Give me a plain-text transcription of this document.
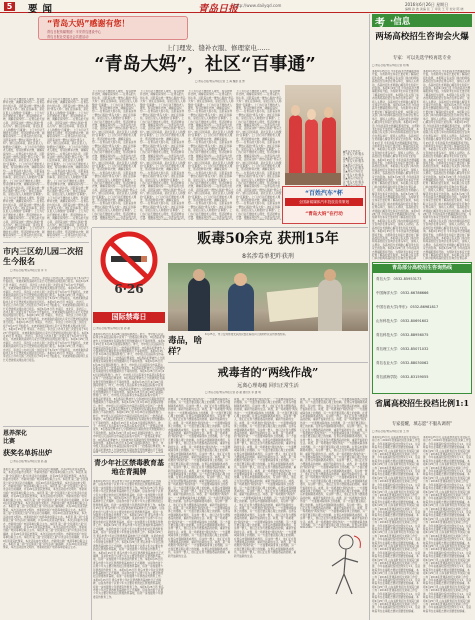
5 要闻	青岛日报
http://www.dailyqd.com	2016年6月26日 星期日
编辑 孙 波 美编 张 丁 审读 王 芳 校对 陈 晓
“青岛大妈”感谢有您！
青岛日报传媒集团 · 平安青岛建设中心
青岛日报社党委社会共建活动
上门为行动不便的老人理发，帮邻居修补衣物，调解家庭纠纷……在青岛的大街小巷，活跃着这样一群热心肠的“青岛大妈”。她们走街串巷，是社区里人人称赞的“百事通”。上门为行动不便的老人理发，帮邻居修补衣物，调解家庭纠纷……在青岛的大街小巷，活跃着这样一群热心肠的“青岛大妈”。她们走街串巷，是社区里人人称赞的“百事通”。上门为行动不便的老人理发，帮邻居修补衣物，调解家庭纠纷……在青岛的大街小巷，活跃着这样一群热心肠的“青岛大妈”。她们走街串巷，是社区里人人称赞的“百事通”。上门为行动不便的老人理发，帮邻居修补衣物，调解家庭纠纷……在青岛的大街小巷，活跃着这样一群热心肠的“青岛大妈”。她们走街串巷，是社区里人人称赞的“百事通”。上门为行动不便的老人理发，帮邻居修补衣物，调解家庭纠纷……在青岛的大街小巷，活跃着这样一群热心肠的“青岛大妈”。她们走街串巷，是社区里人人称赞的“百事通”。上门为行动不便的老人理发，帮邻居修补衣物，调解家庭纠纷……在青岛的大街小巷，活跃着这样一群热心肠的“青岛大妈”。她们走街串巷，是社区里人人称赞的“百事通”。上门为行动不便的老人理发，帮邻居修补衣物，调解家庭纠纷……在青岛的大街小巷，活跃着这样一群热心肠的“青岛大妈”。她们走街串巷，是社区里人人称赞的“百事通”。上门为行动不便的老人理发，帮邻居修补衣物，调解家庭纠纷……在青岛的大街小巷，活跃着这样一群热心肠的“青岛大妈”。她们走街串巷，是社区里人人称赞的“百事通”。上门为行动不便的老人理发，帮邻居修补衣物，调解家庭纠纷……在青岛的大街小巷，
上门为行动不便的老人理发，帮邻居修补衣物，调解家庭纠纷……在青岛的大街小巷，活跃着这样一群热心肠的“青岛大妈”。她们走街串巷，是社区里人人称赞的“百事通”。上门为行动不便的老人理发，帮邻居修补衣物，调解家庭纠纷……在青岛的大街小巷，活跃着这样一群热心肠的“青岛大妈”。她们走街串巷，是社区里人人称赞的“百事通”。上门为行动不便的老人理发，帮邻居修补衣物，调解家庭纠纷……在青岛的大街小巷，活跃着这样一群热心肠的“青岛大妈”。她们走街串巷，是社区里人人称赞的“百事通”。上门为行动不便的老人理发，帮邻居修补衣物，调解家庭纠纷……在青岛的大街小巷，活跃着这样一群热心肠的“青岛大妈”。她们走街串巷，是社区里人人称赞的“百事通”。上门为行动不便的老人理发，帮邻居修补衣物，调解家庭纠纷……在青岛的大街小巷，活跃着这样一群热心肠的“青岛大妈”。她们走街串巷，是社区里人人称赞的“百事通”。上门为行动不便的老人理发，帮邻居修补衣物，调解家庭纠纷……在青岛的大街小巷，活跃着这样一群热心肠的“青岛大妈”。她们走街串巷，是社区里人人称赞的“百事通”。上门为行动不便的老人理发，帮邻居修补衣物，调解家庭纠纷……在青岛的大街小巷，活跃着这样一群热心肠的“青岛大妈”。她们走街串巷，是社区里人人称赞的“百事通”。上门为行动不便的老人理发，帮邻居修补衣物，调解家庭纠纷……在青岛的大街小巷，活跃着这样一群热心肠的“青岛大妈”。她们走街串巷，是社区里人人称赞的“百事通”。上门为行动不便的老人理发，帮邻居修补衣物，调解家庭纠纷……在青岛的大街小巷，
市内三区幼儿园二次招生今报名
□ 青岛日报/青岛早报记者 李 芳
本报6月25日讯 市南区、市北区、李沧区公办幼儿园二次招生将于6月27日开始报名，未被录取的适龄幼儿家长可登录相关网站进行报名。本报6月25日讯 市南区、市北区、李沧区公办幼儿园二次招生将于6月27日开始报名，未被录取的适龄幼儿家长可登录相关网站进行报名。本报6月25日讯 市南区、市北区、李沧区公办幼儿园二次招生将于6月27日开始报名，未被录取的适龄幼儿家长可登录相关网站进行报名。本报6月25日讯 市南区、市北区、李沧区公办幼儿园二次招生将于6月27日开始报名，未被录取的适龄幼儿家长可登录相关网站进行报名。本报6月25日讯 市南区、市北区、李沧区公办幼儿园二次招生将于6月27日开始报名，未被录取的适龄幼儿家长可登录相关网站进行报名。本报6月25日讯 市南区、市北区、李沧区公办幼儿园二次招生将于6月27日开始报名，未被录取的适龄幼儿家长可登录相关网站进行报名。本报6月25日讯 市南区、市北区、李沧区公办幼儿园二次招生将于6月27日开始报名，未被录取的适龄幼儿家长可登录相关网站进行报名。本报6月25日讯 市南区、市北区、李沧区公办幼儿园二次招生将于6月27日开始报名，未被录取的适龄幼儿家长可登录相关网站进行报名。本报6月25日讯 市南区、市北区、李沧区公办幼儿园二次招生将于6月27日开始报名，未被录取的适龄幼儿家长可登录相关网站进行报名。本报6月25日讯 市南区、市北区、李沧区公办幼儿园二次招生将于6月27日开始报名，未被录取的适龄幼儿家长可登录相关网站进行报名。本报6月25日讯 市南区、市北区、李沧区公办幼儿园二次招生将于6月27日开始报名，未被录取的适龄幼儿家长可登录相关网站进行报名。本报6月25日讯 市南区、市北区、李沧区公办幼儿园二次招生将于6月27日开始报名，未被录取的适龄幼儿家长可登录相关网站进行报名。本报6月25日讯 市南区、市北区、李沧区公办幼儿园二次招生将于6月27日开始报名，未被录取的适龄幼儿家长可登录相关网站进行报名。
恩养深化
比赛
获奖名单拆出炉
□ 青岛日报/青岛早报记者 赵 磊
本报讯 第二届“全民阅读之星”评选活动日前揭晓，共有20名读者获此殊荣，本次活动由市文明办、市新闻出版广电局等单位联合主办。本报讯 第二届“全民阅读之星”评选活动日前揭晓，共有20名读者获此殊荣，本次活动由市文明办、市新闻出版广电局等单位联合主办。本报讯 第二届“全民阅读之星”评选活动日前揭晓，共有20名读者获此殊荣，本次活动由市文明办、市新闻出版广电局等单位联合主办。本报讯 第二届“全民阅读之星”评选活动日前揭晓，共有20名读者获此殊荣，本次活动由市文明办、市新闻出版广电局等单位联合主办。本报讯 第二届“全民阅读之星”评选活动日前揭晓，共有20名读者获此殊荣，本次活动由市文明办、市新闻出版广电局等单位联合主办。本报讯 第二届“全民阅读之星”评选活动日前揭晓，共有20名读者获此殊荣，本次活动由市文明办、市新闻出版广电局等单位联合主办。本报讯 第二届“全民阅读之星”评选活动日前揭晓，共有20名读者获此殊荣，本次活动由市文明办、市新闻出版广电局等单位联合主办。本报讯 第二届“全民阅读之星”评选活动日前揭晓，共有20名读者获此殊荣，本次活动由市文明办、市新闻出版广电局等单位联合主办。本报讯 第二届“全民阅读之星”评选活动日前揭晓，共有20名读者获此殊荣，本次活动由市文明办、市新闻出版广电局等单位联合主办。本报讯 第二届“全民阅读之星”评选活动日前揭晓，共有20名读者获此殊荣，本次活动由市文明办、市新闻出版广电局等单位联合主办。本报讯 第二届“全民阅读之星”评选活动日前揭晓，共有20名读者获此殊荣，本次活动由市文明办、市新闻出版广电局等单位联合主办。本报讯 第二届“全民阅读之星”评选活动日前揭晓，共有20名读者获此殊荣，本次活动由市文明办、市新闻出版广电局等单位联合主办。本报讯 第二届“全民阅读之星”评选活动日前揭晓，共有20名读者获此殊荣，本次活动由市文明办、市新闻出版广电局等单位联合主办。
上门理发、缝补衣服、修理家电……
“青岛大妈”，社区“百事通”
□ 青岛日报/青岛早报记者 王 海 摄影 张 勇
上门为行动不便的老人理发，帮邻居修补衣物，调解家庭纠纷……在青岛的大街小巷，活跃着这样一群热心肠的“青岛大妈”。她们走街串巷，是社区里人人称赞的“百事通”。上门为行动不便的老人理发，帮邻居修补衣物，调解家庭纠纷……在青岛的大街小巷，活跃着这样一群热心肠的“青岛大妈”。她们走街串巷，是社区里人人称赞的“百事通”。上门为行动不便的老人理发，帮邻居修补衣物，调解家庭纠纷……在青岛的大街小巷，活跃着这样一群热心肠的“青岛大妈”。她们走街串巷，是社区里人人称赞的“百事通”。上门为行动不便的老人理发，帮邻居修补衣物，调解家庭纠纷……在青岛的大街小巷，活跃着这样一群热心肠的“青岛大妈”。她们走街串巷，是社区里人人称赞的“百事通”。上门为行动不便的老人理发，帮邻居修补衣物，调解家庭纠纷……在青岛的大街小巷，活跃着这样一群热心肠的“青岛大妈”。她们走街串巷，是社区里人人称赞的“百事通”。上门为行动不便的老人理发，帮邻居修补衣物，调解家庭纠纷……在青岛的大街小巷，活跃着这样一群热心肠的“青岛大妈”。她们走街串巷，是社区里人人称赞的“百事通”。上门为行动不便的老人理发，帮邻居修补衣物，调解家庭纠纷……在青岛的大街小巷，活跃着这样一群热心肠的“青岛大妈”。她们走街串巷，是社区里人人称赞的“百事通”。上门为行动不便的老人理发，帮邻居修补衣物，调解家庭纠纷……在青岛的大街小巷，活跃着这样一群热心肠的“青岛大妈”。她们走街串巷，是社区里人人称赞的“百事通”。上门为行动不便的老人理发，帮邻居修补衣物，调解家庭纠纷……在青岛的大街
上门为行动不便的老人理发，帮邻居修补衣物，调解家庭纠纷……在青岛的大街小巷，活跃着这样一群热心肠的“青岛大妈”。她们走街串巷，是社区里人人称赞的“百事通”。上门为行动不便的老人理发，帮邻居修补衣物，调解家庭纠纷……在青岛的大街小巷，活跃着这样一群热心肠的“青岛大妈”。她们走街串巷，是社区里人人称赞的“百事通”。上门为行动不便的老人理发，帮邻居修补衣物，调解家庭纠纷……在青岛的大街小巷，活跃着这样一群热心肠的“青岛大妈”。她们走街串巷，是社区里人人称赞的“百事通”。上门为行动不便的老人理发，帮邻居修补衣物，调解家庭纠纷……在青岛的大街小巷，活跃着这样一群热心肠的“青岛大妈”。她们走街串巷，是社区里人人称赞的“百事通”。上门为行动不便的老人理发，帮邻居修补衣物，调解家庭纠纷……在青岛的大街小巷，活跃着这样一群热心肠的“青岛大妈”。她们走街串巷，是社区里人人称赞的“百事通”。上门为行动不便的老人理发，帮邻居修补衣物，调解家庭纠纷……在青岛的大街小巷，活跃着这样一群热心肠的“青岛大妈”。她们走街串巷，是社区里人人称赞的“百事通”。上门为行动不便的老人理发，帮邻居修补衣物，调解家庭纠纷……在青岛的大街小巷，活跃着这样一群热心肠的“青岛大妈”。她们走街串巷，是社区里人人称赞的“百事通”。上门为行动不便的老人理发，帮邻居修补衣物，调解家庭纠纷……在青岛的大街小巷，活跃着这样一群热心肠的“青岛大妈”。她们走街串巷，是社区里人人称赞的“百事通”。上门为行动不便的老人理发，帮邻居修补衣物，调解家庭纠纷……在青岛的大街
上门为行动不便的老人理发，帮邻居修补衣物，调解家庭纠纷……在青岛的大街小巷，活跃着这样一群热心肠的“青岛大妈”。她们走街串巷，是社区里人人称赞的“百事通”。上门为行动不便的老人理发，帮邻居修补衣物，调解家庭纠纷……在青岛的大街小巷，活跃着这样一群热心肠的“青岛大妈”。她们走街串巷，是社区里人人称赞的“百事通”。上门为行动不便的老人理发，帮邻居修补衣物，调解家庭纠纷……在青岛的大街小巷，活跃着这样一群热心肠的“青岛大妈”。她们走街串巷，是社区里人人称赞的“百事通”。上门为行动不便的老人理发，帮邻居修补衣物，调解家庭纠纷……在青岛的大街小巷，活跃着这样一群热心肠的“青岛大妈”。她们走街串巷，是社区里人人称赞的“百事通”。上门为行动不便的老人理发，帮邻居修补衣物，调解家庭纠纷……在青岛的大街小巷，活跃着这样一群热心肠的“青岛大妈”。她们走街串巷，是社区里人人称赞的“百事通”。上门为行动不便的老人理发，帮邻居修补衣物，调解家庭纠纷……在青岛的大街小巷，活跃着这样一群热心肠的“青岛大妈”。她们走街串巷，是社区里人人称赞的“百事通”。上门为行动不便的老人理发，帮邻居修补衣物，调解家庭纠纷……在青岛的大街小巷，活跃着这样一群热心肠的“青岛大妈”。她们走街串巷，是社区里人人称赞的“百事通”。上门为行动不便的老人理发，帮邻居修补衣物，调解家庭纠纷……在青岛的大街小巷，活跃着这样一群热心肠的“青岛大妈”。她们走街串巷，是社区里人人称赞的“百事通”。上门为行动不便的老人理发，帮邻居修补衣物，调解家庭纠纷……在青岛的大街
上门为行动不便的老人理发，帮邻居修补衣物，调解家庭纠纷……在青岛的大街小巷，活跃着这样一群热心肠的“青岛大妈”。她们走街串巷，是社区里人人称赞的“百事通”。上门为行动不便的老人理发，帮邻居修补衣物，调解家庭纠纷……在青岛的大街小巷，活跃着这样一群热心肠的“青岛大妈”。她们走街串巷，是社区里人人称赞的“百事通”。上门为行动不便的老人理发，帮邻居修补衣物，调解家庭纠纷……在青岛的大街小巷，活跃着这样一群热心肠的“青岛大妈”。她们走街串巷，是社区里人人称赞的“百事通”。上门为行动不便的老人理发，帮邻居修补衣物，调解家庭纠纷……在青岛的大街小巷，活跃着这样一群热心肠的“青岛大妈”。她们走街串巷，是社区里人人称赞的“百事通”。上门为行动不便的老人理发，帮邻居修补衣物，调解家庭纠纷……在青岛的大街小巷，活跃着这样一群热心肠的“青岛大妈”。她们走街串巷，是社区里人人称赞的“百事通”。上门为行动不便的老人理发，帮邻居修补衣物，调解家庭纠纷……在青岛的大街小巷，活跃着这样一群热心肠的“青岛大妈”。她们走街串巷，是社区里人人称赞的“百事通”。上门为行动不便的老人理发，帮邻居修补衣物，调解家庭纠纷……在青岛的大街小巷，活跃着这样一群热心肠的“青岛大妈”。她们走街串巷，是社区里人人称赞的“百事通”。上门为行动不便的老人理发，帮邻居修补衣物，调解家庭纠纷……在青岛的大街小巷，活跃着这样一群热心肠的“青岛大妈”。她们走街串巷，是社区里人人称赞的“百事通”。上门为行动不便的老人理发，帮邻居修补衣物，调解家庭纠纷……在青岛的大街
▲青岛大妈在社区“青岛大妈”服务站▲青岛大妈在社区“青岛大妈”服务站▲青岛大妈在社区“青岛大妈”服务站▲青岛大妈在社区“青岛大妈”服务站▲青岛大妈在社区“青岛大妈”服务
“百姓汽车”杯
全国新闻媒体汽车投放宣传策划
“青岛大妈”在行动
考 ·信息
两场高校招生咨询会火爆
专家：可以先选学校再选专业
□ 青岛日报/青岛早报记者 刘 畅
本报6月25日讯 今年的高考志愿填报即将开始，为帮助考生和家长更好地了解高校招生政策，本报联合有关部门举办的两场高校招生咨询会在青岛举行，现场人头攒动，各高校招生老师耐心解答考生和家长的咨询。本报6月25日讯 今年的高考志愿填报即将开始，为帮助考生和家长更好地了解高校招生政策，本报联合有关部门举办的两场高校招生咨询会在青岛举行，现场人头攒动，各高校招生老师耐心解答考生和家长的咨询。本报6月25日讯 今年的高考志愿填报即将开始，为帮助考生和家长更好地了解高校招生政策，本报联合有关部门举办的两场高校招生咨询会在青岛举行，现场人头攒动，各高校招生老师耐心解答考生和家长的咨询。本报6月25日讯 今年的高考志愿填报即将开始，为帮助考生和家长更好地了解高校招生政策，本报联合有关部门举办的两场高校招生咨询会在青岛举行，现场人头攒动，各高校招生老师耐心解答考生和家长的咨询。本报6月25日讯 今年的高考志愿填报即将开始，为帮助考生和家长更好地了解高校招生政策，本报联合有关部门举办的两场高校招生咨询会在青岛举行，现场人头攒动，各高校招生老师耐心解答考生和家长的咨询。本报6月25日讯 今年的高考志愿填报即将开始，为帮助考生和家长更好地了解高校招生政策，本报联合有关部门举办的两场高校招生咨询会在青岛举行，现场人头攒动，各高校招生老师耐心解答考生和家长的咨询。本报6月25日讯 今年的高考志愿填报即将开始，为帮助考生和家长更好地了解高校招生政策，本报联合有关部门举办的两场高校招生咨询会在青岛举行，现场人头攒动，各高校招生老师耐心解答考生和家长的咨询。本报6月25日讯 今年的高考志愿填报即将开始，为帮助考生和家长更好地了解高校招生政策，本报联合有关部门举办的两场高校招生咨询会在青岛举行，现场人头攒动，各高校招生老师耐心解答考生和家长的咨询。本报6月25日讯 今年的高考志愿填报即将开始，为帮助考生和家长更好地了解高校招生政策，本报联合有关部门举办的两场高校招生咨询会在青岛举行，现场人头攒动，各高校招生老师耐心解答考生和家长的咨询。本报6月25日讯 今年的高考志愿填报即将开始，为帮助考生和家长更好地了解高校招生政策，本报联合有关部门举办的两场高校招生咨询会在青岛举行，现场人头攒动，各高校招生老师耐心解答考生和家长的咨询。本报6月25日讯 今年的高考志愿填报即将开始，为帮助考生和家长更好地了解高校招生政策，本报联合有关部门举办的两场高校招生咨询会在青岛举
本报6月25日讯 今年的高考志愿填报即将开始，为帮助考生和家长更好地了解高校招生政策，本报联合有关部门举办的两场高校招生咨询会在青岛举行，现场人头攒动，各高校招生老师耐心解答考生和家长的咨询。本报6月25日讯 今年的高考志愿填报即将开始，为帮助考生和家长更好地了解高校招生政策，本报联合有关部门举办的两场高校招生咨询会在青岛举行，现场人头攒动，各高校招生老师耐心解答考生和家长的咨询。本报6月25日讯 今年的高考志愿填报即将开始，为帮助考生和家长更好地了解高校招生政策，本报联合有关部门举办的两场高校招生咨询会在青岛举行，现场人头攒动，各高校招生老师耐心解答考生和家长的咨询。本报6月25日讯 今年的高考志愿填报即将开始，为帮助考生和家长更好地了解高校招生政策，本报联合有关部门举办的两场高校招生咨询会在青岛举行，现场人头攒动，各高校招生老师耐心解答考生和家长的咨询。本报6月25日讯 今年的高考志愿填报即将开始，为帮助考生和家长更好地了解高校招生政策，本报联合有关部门举办的两场高校招生咨询会在青岛举行，现场人头攒动，各高校招生老师耐心解答考生和家长的咨询。本报6月25日讯 今年的高考志愿填报即将开始，为帮助考生和家长更好地了解高校招生政策，本报联合有关部门举办的两场高校招生咨询会在青岛举行，现场人头攒动，各高校招生老师耐心解答考生和家长的咨询。本报6月25日讯 今年的高考志愿填报即将开始，为帮助考生和家长更好地了解高校招生政策，本报联合有关部门举办的两场高校招生咨询会在青岛举行，现场人头攒动，各高校招生老师耐心解答考生和家长的咨询。本报6月25日讯 今年的高考志愿填报即将开始，为帮助考生和家长更好地了解高校招生政策，本报联合有关部门举办的两场高校招生咨询会在青岛举行，现场人头攒动，各高校招生老师耐心解答考生和家长的咨询。本报6月25日讯 今年的高考志愿填报即将开始，为帮助考生和家长更好地了解高校招生政策，本报联合有关部门举办的两场高校招生咨询会在青岛举行，现场人头攒动，各高校招生老师耐心解答考生和家长的咨询。本报6月25日讯 今年的高考志愿填报即将开始，为帮助考生和家长更好地了解高校招生政策，本报联合有关部门举办的两场高校招生咨询会在青岛举行，现场人头攒动，各高校招生老师耐心解答考生和家长的咨询。本报6月25日讯 今年的高考志愿填报即将开始，为帮助考生和家长更好地了解高校招生政策，本报联合有关部门举办的两场高校招生咨询会在青岛举
青岛部分高校招生咨询热线
青岛大学：0532-85953173
中国海洋大学：0532-66786666
中国石油大学(华东)：0532-86981817
山东科技大学：0532-80691602
青岛科技大学：0532-88956075
青岛理工大学：0532-85071032
青岛农业大学：0532-88030062
青岛滨海学院：0532-83159055
省属高校招生投档比例1:1
专家提醒，填志愿“不服从调剂”
□ 青岛日报/青岛早报记者 王 伟
本报6月25日讯 山东省教育招生考试院日前公布了2016年普通高校招生录取工作安排，今年省属高校投档比例实行1:1，这意味着考生在填报志愿时需要更加慎重。本报6月25日讯 山东省教育招生考试院日前公布了2016年普通高校招生录取工作安排，今年省属高校投档比例实行1:1，这意味着考生在填报志愿时需要更加慎重。本报6月25日讯 山东省教育招生考试院日前公布了2016年普通高校招生录取工作安排，今年省属高校投档比例实行1:1，这意味着考生在填报志愿时需要更加慎重。本报6月25日讯 山东省教育招生考试院日前公布了2016年普通高校招生录取工作安排，今年省属高校投档比例实行1:1，这意味着考生在填报志愿时需要更加慎重。本报6月25日讯 山东省教育招生考试院日前公布了2016年普通高校招生录取工作安排，今年省属高校投档比例实行1:1，这意味着考生在填报志愿时需要更加慎重。本报6月25日讯 山东省教育招生考试院日前公布了2016年普通高校招生录取工作安排，今年省属高校投档比例实行1:1，这意味着考生在填报志愿时需要更加慎重。本报6月25日讯 山东省教育招生考试院日前公布了2016年普通高校招生录取工作安排，今年省属高校投档比例实行1:1，这意味着考生在填报志愿时需要更加慎重。本报6月25日讯 山东省教育招生考试院日前公布了2016年普通高校招生录取工作安排，今年省属高校投档比例实行1:1，这意味着考生在填报志愿时需要更加慎重。本报6月25日讯 山东省教育招生考试院日前公布了2016年普通高校招生录取工作安排，今年省属高校投档比例实行1:1，这意味着考生在填报志愿时需要更加慎重。本报6月25日讯 山东省教育招生考试院日前公布了2016年普通高校招生录取工作安排，今年省属高校投档比例实行1:1，这意味着考生在填报志愿时需要更加慎重。本报6月25日讯 山东省教育招生考试院日前公布了2016年普通高校招生录取工作安排，今年省属高校投档比例实行1:1，这意味着考生在填报志愿时需要更加慎重。本报6月25日讯 山东省教育招生考试院日前公布了2016年普通高校招生录取工作安排，今年省属高校投档比例实行1:1，这意味着考生在填报志愿时需要更加慎重。本报6月25日讯 山东省教育招生考试院日前公布了2016年普通高校招生录取工作安排，今年省属高校投档比例实行1:1，这意味着考生在填报志愿时需要更加慎重。
本报6月25日讯 山东省教育招生考试院日前公布了2016年普通高校招生录取工作安排，今年省属高校投档比例实行1:1，这意味着考生在填报志愿时需要更加慎重。本报6月25日讯 山东省教育招生考试院日前公布了2016年普通高校招生录取工作安排，今年省属高校投档比例实行1:1，这意味着考生在填报志愿时需要更加慎重。本报6月25日讯 山东省教育招生考试院日前公布了2016年普通高校招生录取工作安排，今年省属高校投档比例实行1:1，这意味着考生在填报志愿时需要更加慎重。本报6月25日讯 山东省教育招生考试院日前公布了2016年普通高校招生录取工作安排，今年省属高校投档比例实行1:1，这意味着考生在填报志愿时需要更加慎重。本报6月25日讯 山东省教育招生考试院日前公布了2016年普通高校招生录取工作安排，今年省属高校投档比例实行1:1，这意味着考生在填报志愿时需要更加慎重。本报6月25日讯 山东省教育招生考试院日前公布了2016年普通高校招生录取工作安排，今年省属高校投档比例实行1:1，这意味着考生在填报志愿时需要更加慎重。本报6月25日讯 山东省教育招生考试院日前公布了2016年普通高校招生录取工作安排，今年省属高校投档比例实行1:1，这意味着考生在填报志愿时需要更加慎重。本报6月25日讯 山东省教育招生考试院日前公布了2016年普通高校招生录取工作安排，今年省属高校投档比例实行1:1，这意味着考生在填报志愿时需要更加慎重。本报6月25日讯 山东省教育招生考试院日前公布了2016年普通高校招生录取工作安排，今年省属高校投档比例实行1:1，这意味着考生在填报志愿时需要更加慎重。本报6月25日讯 山东省教育招生考试院日前公布了2016年普通高校招生录取工作安排，今年省属高校投档比例实行1:1，这意味着考生在填报志愿时需要更加慎重。本报6月25日讯 山东省教育招生考试院日前公布了2016年普通高校招生录取工作安排，今年省属高校投档比例实行1:1，这意味着考生在填报志愿时需要更加慎重。本报6月25日讯 山东省教育招生考试院日前公布了2016年普通高校招生录取工作安排，今年省属高校投档比例实行1:1，这意味着考生在填报志愿时需要更加慎重。本报6月25日讯 山东省教育招生考试院日前公布了2016年普通高校招生录取工作安排，今年省属高校投档比例实行1:1，这意味着考生在填报志愿时需要更加慎重。
6·26
国际禁毒日
贩毒50余克 获刑15年
8名涉毒单犯昨获刑
□ 青岛日报/青岛早报记者 孙 超
本报6月25日讯 6月26日是国际禁毒日。昨天，市中级人民法院和全市基层法院集中宣判了一批毒品犯罪案件，8名毒品犯罪被告人分别被判处有期徒刑至死刑缓期执行不等的刑罚。本报6月25日讯 6月26日是国际禁毒日。昨天，市中级人民法院和全市基层法院集中宣判了一批毒品犯罪案件，8名毒品犯罪被告人分别被判处有期徒刑至死刑缓期执行不等的刑罚。本报6月25日讯 6月26日是国际禁毒日。昨天，市中级人民法院和全市基层法院集中宣判了一批毒品犯罪案件，8名毒品犯罪被告人分别被判处有期徒刑至死刑缓期执行不等的刑罚。本报6月25日讯 6月26日是国际禁毒日。昨天，市中级人民法院和全市基层法院集中宣判了一批毒品犯罪案件，8名毒品犯罪被告人分别被判处有期徒刑至死刑缓期执行不等的刑罚。本报6月25日讯 6月26日是国际禁毒日。昨天，市中级人民法院和全市基层法院集中宣判了一批毒品犯罪案件，8名毒品犯罪被告人分别被判处有期徒刑至死刑缓期执行不等的刑罚。本报6月25日讯 6月26日是国际禁毒日。昨天，市中级人民法院和全市基层法院集中宣判了一批毒品犯罪案件，8名毒品犯罪被告人分别被判处有期徒刑至死刑缓期执行不等的刑罚。本报6月25日讯 6月26日是国际禁毒日。昨天，市中级人民法院和全市基层法院集中宣判了一批毒品犯罪案件，8名毒品犯罪被告人分别被判处有期徒刑至死刑缓期执行不等的刑罚。本报6月25日讯 6月26日是国际禁毒日。昨天，市中级人民法院和全市基层法院集中宣判了一批毒品犯罪案件，8名毒品犯罪被告人分别被判处有期徒刑至死刑缓期执行不等的刑罚。本报6月25日讯 6月26日是国际禁毒日。昨天，市中级人民法院和全市基层法院集中宣判了一批毒品犯罪案件，8名毒品犯罪被告人分别被判处有期徒刑至死刑缓期执行不等的刑罚。本报6月25日讯 6月26日是国际禁毒日。昨天，市中级人民法院和全市基层法院集中宣判了一批毒品犯罪案件，8名毒品犯罪被告人分别被判处有期徒刑至死刑缓期执行不等的刑罚。本报6月25日讯 6月26日是国际禁毒日。昨天，市中级人民法院和全市基层法院集中宣判了一批毒品犯罪案件，8名毒品犯罪被告人分别被判处有期徒刑至死刑缓期执行不等的刑罚。本报6月25日讯 6月26日是国际禁毒日。昨天，市中级人民法院和全市基层法院集中宣判了一批毒品犯罪案件，8名毒品犯罪被告人分别被判处有期徒刑至死刑缓期执行不等的
6月25日，市公安局禁毒支队的民警在海泊河公园向市民宣传禁毒知识。
毒品，啥样？
戒毒者的“两线作战”
远离心理毒瘾 回归正常生活
□ 青岛日报/青岛早报记者 孙 超 通讯员 李 建 明
戒毒，是一场艰难的“两线作战”：一方面要戒除身体上的毒瘾，另一方面还要克服心理上的依赖。在青岛市强制隔离戒毒所，有这样一群人，他们正在努力摆脱毒品的控制，重新开始新的生活。戒毒，是一场艰难的“两线作战”：一方面要戒除身体上的毒瘾，另一方面还要克服心理上的依赖。在青岛市强制隔离戒毒所，有这样一群人，他们正在努力摆脱毒品的控制，重新开始新的生活。戒毒，是一场艰难的“两线作战”：一方面要戒除身体上的毒瘾，另一方面还要克服心理上的依赖。在青岛市强制隔离戒毒所，有这样一群人，他们正在努力摆脱毒品的控制，重新开始新的生活。戒毒，是一场艰难的“两线作战”：一方面要戒除身体上的毒瘾，另一方面还要克服心理上的依赖。在青岛市强制隔离戒毒所，有这样一群人，他们正在努力摆脱毒品的控制，重新开始新的生活。戒毒，是一场艰难的“两线作战”：一方面要戒除身体上的毒瘾，另一方面还要克服心理上的依赖。在青岛市强制隔离戒毒所，有这样一群人，他们正在努力摆脱毒品的控制，重新开始新的生活。戒毒，是一场艰难的“两线作战”：一方面要戒除身体上的毒瘾，另一方面还要克服心理上的依赖。在青岛市强制隔离戒毒所，有这样一群人，他们正在努力摆脱毒品的控制，重新开始新的生活。戒毒，是一场艰难的“两线作战”：一方面要戒除身体上的毒瘾，另一方面还要克服心理上的依赖。在青岛市强制隔离戒毒所，有这样一群人，他们正在努力摆脱毒品的控制，重新开始新的生活。戒毒，是一场艰难的“两线作战”：一方面要戒除身体上的毒瘾，另一方面还要克服心理上的依赖。在青岛市强制隔离戒毒所，有这样一群人，他们正在努力摆脱毒品的控制，重新开始新的生活。戒毒，是一场艰难的“两线作战”：一方面要戒除身体上的毒瘾，另一方面还要克服心理上的依赖。在青岛市强制隔离戒毒所，有这样一群人，他们正在努力摆脱毒品的控制，重新开始新的生活。戒毒，是一场艰难的“两线作战”：一方面要戒除身体上的毒瘾，另一方面还要克服心理上的依赖。在青岛市强制隔离戒毒所，有这样一群人，他们正在努力摆脱毒品的控制，重新开始新的生活。戒毒，是一场艰难的“两线作战”：一方面要戒除身体上的毒瘾，另一方面还要克服心理上的依赖。在青岛市强制隔离戒毒所，有这样一群人，他们正在努力摆脱毒品的控制，重新开始新的生活。戒毒，是一场艰难的“两线作战”：一方面要戒除身体上的毒瘾，另一方面还要克服心理上的依赖。在青岛市强制隔离戒毒所，有这样一群人，他们正在努力摆脱毒品的控制，重新开始新的生活。戒毒，是一场艰难的“两线作战”：一方面要戒除身体上的毒瘾，另一方面还要克服心理上的依赖。在青岛市强制隔离戒毒所，有这样一群人，他们正在努力摆脱毒品的控制，重新开始新的生活。
戒毒，是一场艰难的“两线作战”：一方面要戒除身体上的毒瘾，另一方面还要克服心理上的依赖。在青岛市强制隔离戒毒所，有这样一群人，他们正在努力摆脱毒品的控制，重新开始新的生活。戒毒，是一场艰难的“两线作战”：一方面要戒除身体上的毒瘾，另一方面还要克服心理上的依赖。在青岛市强制隔离戒毒所，有这样一群人，他们正在努力摆脱毒品的控制，重新开始新的生活。戒毒，是一场艰难的“两线作战”：一方面要戒除身体上的毒瘾，另一方面还要克服心理上的依赖。在青岛市强制隔离戒毒所，有这样一群人，他们正在努力摆脱毒品的控制，重新开始新的生活。戒毒，是一场艰难的“两线作战”：一方面要戒除身体上的毒瘾，另一方面还要克服心理上的依赖。在青岛市强制隔离戒毒所，有这样一群人，他们正在努力摆脱毒品的控制，重新开始新的生活。戒毒，是一场艰难的“两线作战”：一方面要戒除身体上的毒瘾，另一方面还要克服心理上的依赖。在青岛市强制隔离戒毒所，有这样一群人，他们正在努力摆脱毒品的控制，重新开始新的生活。戒毒，是一场艰难的“两线作战”：一方面要戒除身体上的毒瘾，另一方面还要克服心理上的依赖。在青岛市强制隔离戒毒所，有这样一群人，他们正在努力摆脱毒品的控制，重新开始新的生活。戒毒，是一场艰难的“两线作战”：一方面要戒除身体上的毒瘾，另一方面还要克服心理上的依赖。在青岛市强制隔离戒毒所，有这样一群人，他们正在努力摆脱毒品的控制，重新开始新的生活。戒毒，是一场艰难的“两线作战”：一方面要戒除身体上的毒瘾，另一方面还要克服心理上的依赖。在青岛市强制隔离戒毒所，有这样一群人，他们正在努力摆脱毒品的控制，重新开始新的生活。戒毒，是一场艰难的“两线作战”：一方面要戒除身体上的毒瘾，另一方面还要克服心理上的依赖。在青岛市强制隔离戒毒所，有这样一群人，他们正在努力摆脱毒品的控制，重新开始新的生活。戒毒，是一场艰难的“两线作战”：一方面要戒除身体上的毒瘾，另一方面还要克服心理上的依赖。在青岛市强制隔离戒毒所，有这样一群人，他们正在努力摆脱毒品的控制，重新开始新的生活。戒毒，是一场艰难的“两线作战”：一方面要戒除身体上的毒瘾，另一方面还要克服心理上的依赖。在青岛市强制隔离戒毒所，有这样一群人，他们正在努力摆脱毒品的控制，重新开始新的生活。戒毒，是一场艰难的“两线作战”：一方面要戒除身体上的毒瘾，另一方面还要克服心理上的依赖。在青岛市强制隔离戒毒所，有这样一群人，他们正在努力摆脱毒品的控制，重新开始新的生活。戒毒，是一场艰难的“两线作战”：一方面要戒除身体上的毒瘾，另一方面还要克服心理上的依赖。在青岛市强制隔离戒毒所，有这样一群人，他们正在努力摆脱毒品的控制，重新开始新的生活。
戒毒，是一场艰难的“两线作战”：一方面要戒除身体上的毒瘾，另一方面还要克服心理上的依赖。在青岛市强制隔离戒毒所，有这样一群人，他们正在努力摆脱毒品的控制，重新开始新的生活。戒毒，是一场艰难的“两线作战”：一方面要戒除身体上的毒瘾，另一方面还要克服心理上的依赖。在青岛市强制隔离戒毒所，有这样一群人，他们正在努力摆脱毒品的控制，重新开始新的生活。戒毒，是一场艰难的“两线作战”：一方面要戒除身体上的毒瘾，另一方面还要克服心理上的依赖。在青岛市强制隔离戒毒所，有这样一群人，他们正在努力摆脱毒品的控制，重新开始新的生活。戒毒，是一场艰难的“两线作战”：一方面要戒除身体上的毒瘾，另一方面还要克服心理上的依赖。在青岛市强制隔离戒毒所，有这样一群人，他们正在努力摆脱毒品的控制，重新开始新的生活。戒毒，是一场艰难的“两线作战”：一方面要戒除身体上的毒瘾，另一方面还要克服心理上的依赖。在青岛市强制隔离戒毒所，有这样一群人，他们正在努力摆脱毒品的控制，重新开始新的生活。戒毒，是一场艰难的“两线作战”：一方面要戒除身体上的毒瘾，另一方面还要克服心理上的依赖。在青岛市强制隔离戒毒所，有这样一群人，他们正在努力摆脱毒品的控制，重新开始新的生活。戒毒，是一场艰难的“两线作战”：一方面要戒除身体上的毒瘾，另一方面还要克服心理上的依赖。在青岛市强制隔离戒毒所，有这样一群人，他们正在努力摆脱毒品的控制，重新开始新的生活。戒毒，是一场艰难的“两线作战”：一方面要戒除身体上的毒瘾，另一方面还要克服心理上的依赖。在青岛市强制隔离戒毒所，有这样一群人，他们正在努力摆脱毒品的控制，重新开始新的生活。戒毒，是一场艰难的“两线作战”：一方面要戒除身体上的毒瘾，另一方面还要克服心理上的依赖。在青岛市强制隔离戒毒所，有这样一群人，他们正在努力摆脱毒品的控制，重新开始新的生活。戒毒，是一场艰难的“两线作战”：一方面要戒除身体上的毒瘾，另一方面还要克服心理上的依赖。在青岛市强制隔离戒毒所，有这样一群人，他们正在努力摆脱毒品的控制，重新开始新的生活。戒毒，是一场艰难的“两线作战”：一方面要戒除身体上的毒瘾，另一方面还要克服心理上的依赖。在青岛市强制隔离戒毒所，有这样一群人，他们正在努力摆脱毒品的控制，重新开始新的生活。戒毒，是一场艰难的“两线作战”：一方面要戒除身体上的毒瘾，另一方面还要克服心理上的依赖。在青岛市强制
青少年社区禁毒教育基地在青揭牌
本报6月25日讯 青岛市青少年社区禁毒教育基地昨日正式揭牌，这是我市首个以青少年为主要对象的社区禁毒教育基地，将进一步加强青少年禁毒宣传教育工作。本报6月25日讯 青岛市青少年社区禁毒教育基地昨日正式揭牌，这是我市首个以青少年为主要对象的社区禁毒教育基地，将进一步加强青少年禁毒宣传教育工作。本报6月25日讯 青岛市青少年社区禁毒教育基地昨日正式揭牌，这是我市首个以青少年为主要对象的社区禁毒教育基地，将进一步加强青少年禁毒宣传教育工作。本报6月25日讯 青岛市青少年社区禁毒教育基地昨日正式揭牌，这是我市首个以青少年为主要对象的社区禁毒教育基地，将进一步加强青少年禁毒宣传教育工作。本报6月25日讯 青岛市青少年社区禁毒教育基地昨日正式揭牌，这是我市首个以青少年为主要对象的社区禁毒教育基地，将进一步加强青少年禁毒宣传教育工作。本报6月25日讯 青岛市青少年社区禁毒教育基地昨日正式揭牌，这是我市首个以青少年为主要对象的社区禁毒教育基地，将进一步加强青少年禁毒宣传教育工作。本报6月25日讯 青岛市青少年社区禁毒教育基地昨日正式揭牌，这是我市首个以青少年为主要对象的社区禁毒教育基地，将进一步加强青少年禁毒宣传教育工作。本报6月25日讯 青岛市青少年社区禁毒教育基地昨日正式揭牌，这是我市首个以青少年为主要对象的社区禁毒教育基地，将进一步加强青少年禁毒宣传教育工作。本报6月25日讯 青岛市青少年社区禁毒教育基地昨日正式揭牌，这是我市首个以青少年为主要对象的社区禁毒教育基地，将进一步加强青少年禁毒宣传教育工作。本报6月25日讯 青岛市青少年社区禁毒教育基地昨日正式揭牌，这是我市首个以青少年为主要对象的社区禁毒教育基地，将进一步加强青少年禁毒宣传教育工作。本报6月25日讯 青岛市青少年社区禁毒教育基地昨日正式揭牌，这是我市首个以青少年为主要对象的社区禁毒教育基地，将进一步加强青少年禁毒宣传教育工作。本报6月25日讯 青岛市青少年社区禁毒教育基地昨日正式揭牌，这是我市首个以青少年为主要对象的社区禁毒教育基地，将进一步加强青少年禁毒宣传教育工作。本报6月25日讯 青岛市青少年社区禁毒教育基地昨日正式揭牌，这是我市首个以青少年为主要对象的社区禁毒教育基地，将进一步加强青少年禁毒宣传教育工作。
